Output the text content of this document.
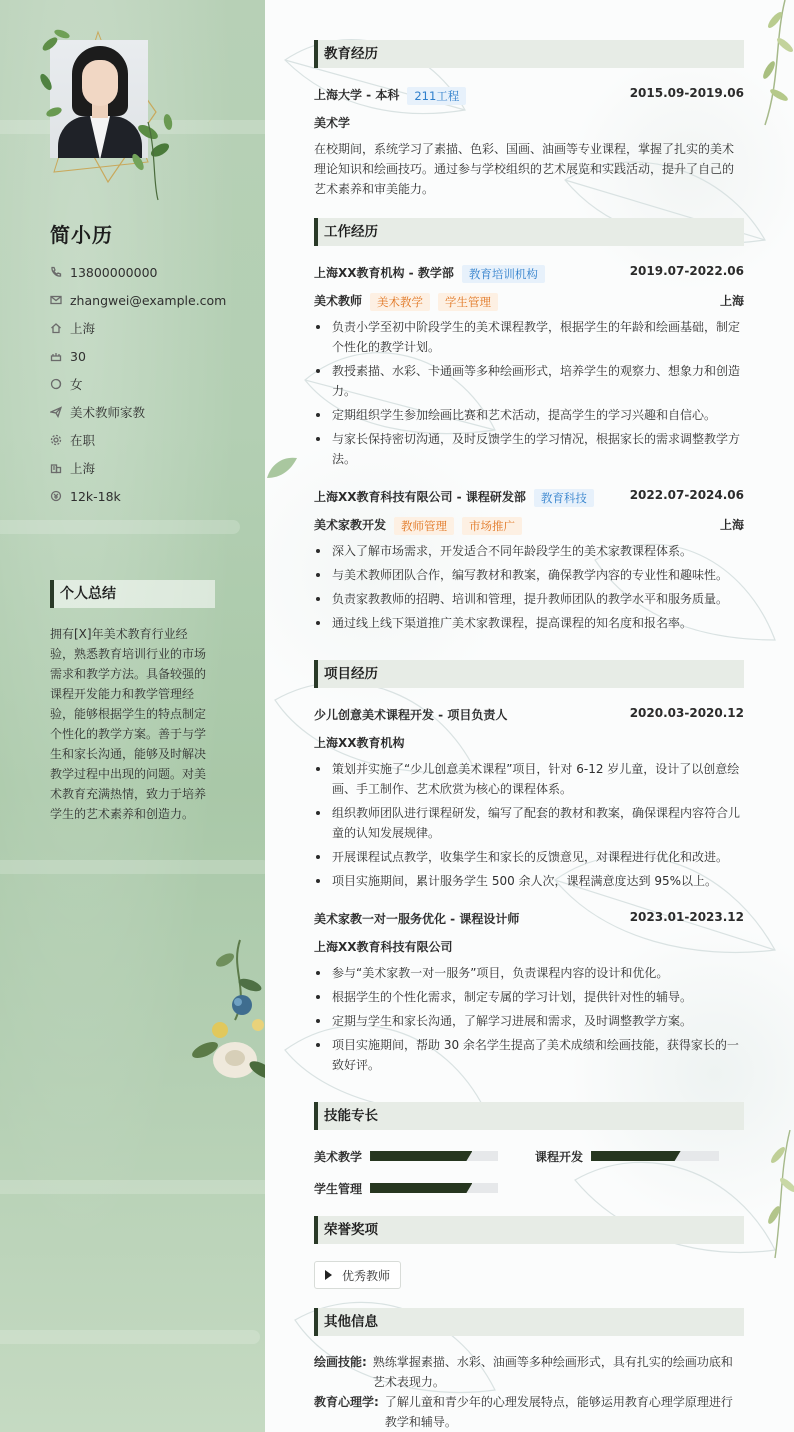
简小历
13800000000
zhangwei@example.com
上海
30
女
美术教师家教
在职
上海
12k-18k
个人总结
拥有[X]年美术教育行业经验，熟悉教育培训行业的市场需求和教学方法。具备较强的课程开发能力和教学管理经验，能够根据学生的特点制定个性化的教学方案。善于与学生和家长沟通，能够及时解决教学过程中出现的问题。对美术教育充满热情，致力于培养学生的艺术素养和创造力。
教育经历
上海大学 - 本科 211工程	2015.09-2019.06
美术学
在校期间，系统学习了素描、色彩、国画、油画等专业课程，掌握了扎实的美术理论知识和绘画技巧。通过参与学校组织的艺术展览和实践活动，提升了自己的艺术素养和审美能力。
工作经历
上海XX教育机构 - 教学部 教育培训机构	2019.07-2022.06
美术教师 美术教学 学生管理	上海
负责小学至初中阶段学生的美术课程教学，根据学生的年龄和绘画基础，制定个性化的教学计划。
教授素描、水彩、卡通画等多种绘画形式，培养学生的观察力、想象力和创造力。
定期组织学生参加绘画比赛和艺术活动，提高学生的学习兴趣和自信心。
与家长保持密切沟通，及时反馈学生的学习情况，根据家长的需求调整教学方法。
上海XX教育科技有限公司 - 课程研发部 教育科技	2022.07-2024.06
美术家教开发 教师管理 市场推广	上海
深入了解市场需求，开发适合不同年龄段学生的美术家教课程体系。
与美术教师团队合作，编写教材和教案，确保教学内容的专业性和趣味性。
负责家教教师的招聘、培训和管理，提升教师团队的教学水平和服务质量。
通过线上线下渠道推广美术家教课程，提高课程的知名度和报名率。
项目经历
少儿创意美术课程开发 - 项目负责人	2020.03-2020.12
上海XX教育机构
策划并实施了“少儿创意美术课程”项目，针对 6-12 岁儿童，设计了以创意绘画、手工制作、艺术欣赏为核心的课程体系。
组织教师团队进行课程研发，编写了配套的教材和教案，确保课程内容符合儿童的认知发展规律。
开展课程试点教学，收集学生和家长的反馈意见，对课程进行优化和改进。
项目实施期间，累计服务学生 500 余人次，课程满意度达到 95%以上。
美术家教一对一服务优化 - 课程设计师	2023.01-2023.12
上海XX教育科技有限公司
参与“美术家教一对一服务”项目，负责课程内容的设计和优化。
根据学生的个性化需求，制定专属的学习计划，提供针对性的辅导。
定期与学生和家长沟通，了解学习进展和需求，及时调整教学方案。
项目实施期间，帮助 30 余名学生提高了美术成绩和绘画技能，获得家长的一致好评。
技能专长
美术教学	课程开发
学生管理
荣誉奖项
优秀教师
其他信息
绘画技能: 熟练掌握素描、水彩、油画等多种绘画形式，具有扎实的绘画功底和艺术表现力。
教育心理学: 了解儿童和青少年的心理发展特点，能够运用教育心理学原理进行教学和辅导。
